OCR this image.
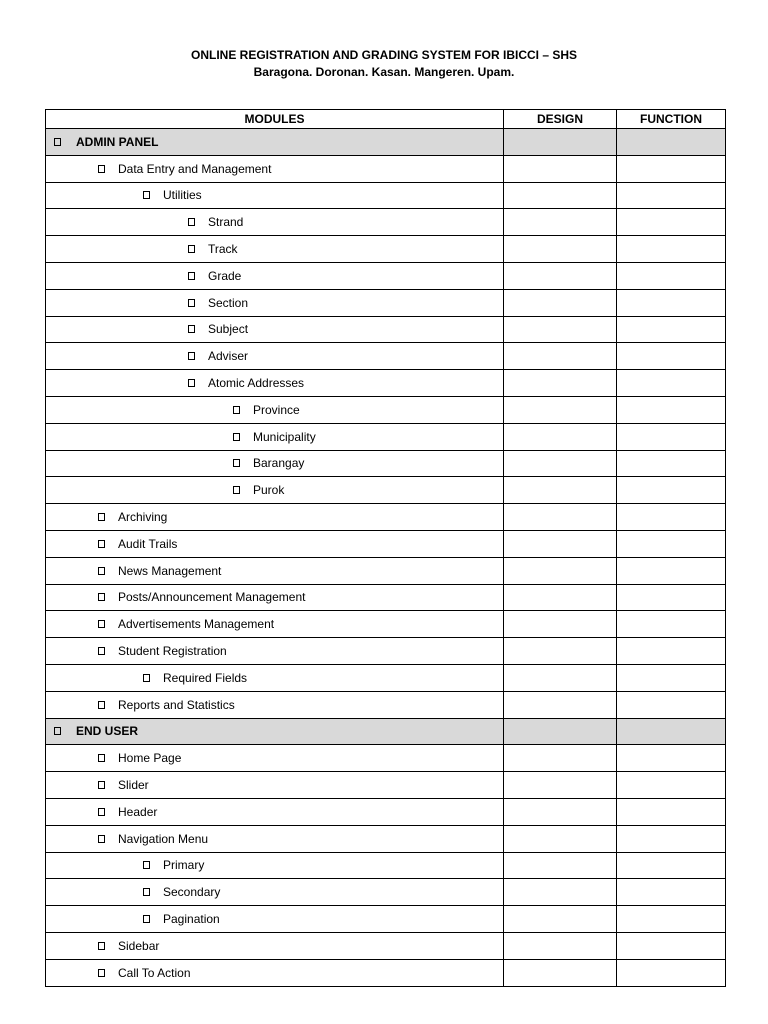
ONLINE REGISTRATION AND GRADING SYSTEM FOR IBICCI – SHS
Baragona. Doronan. Kasan. Mangeren. Upam.
MODULES	DESIGN	FUNCTION

ADMIN PANEL		

Data Entry and Management		

Utilities		

Strand		

Track		

Grade		

Section		

Subject		

Adviser		

Atomic Addresses		

Province		

Municipality		

Barangay		

Purok		

Archiving		

Audit Trails		

News Management		

Posts/Announcement Management		

Advertisements Management		

Student Registration		

Required Fields		

Reports and Statistics		

END USER		

Home Page		

Slider		

Header		

Navigation Menu		

Primary		

Secondary		

Pagination		

Sidebar		

Call To Action		
